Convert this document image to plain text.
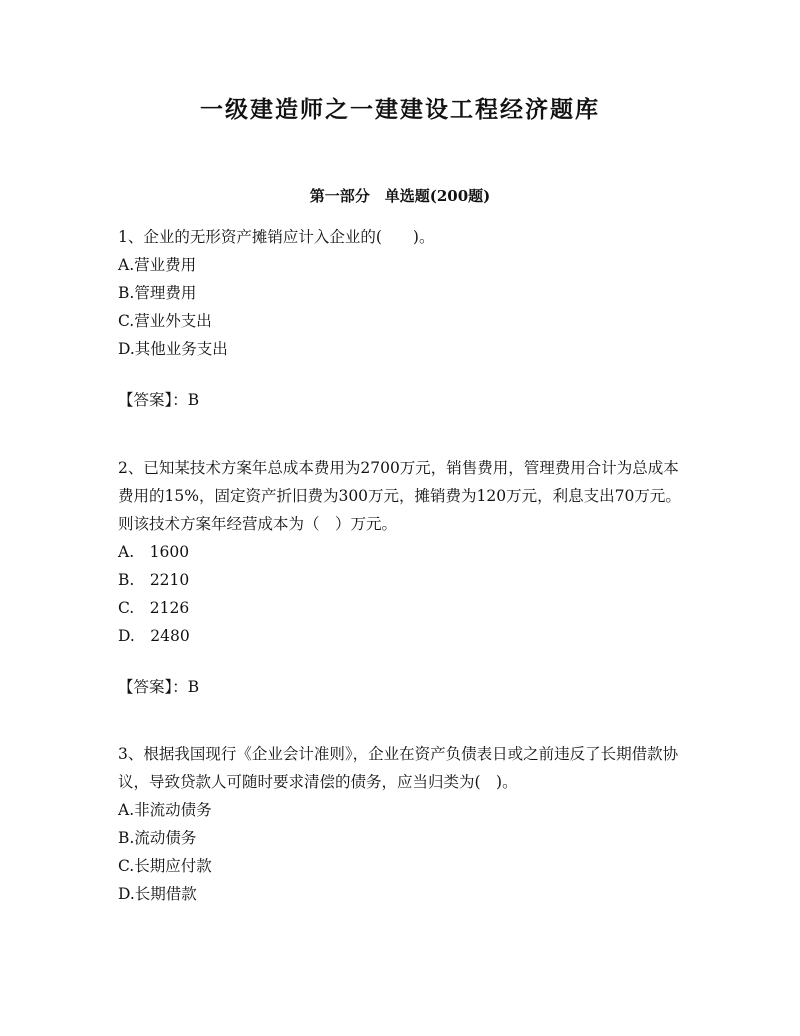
一级建造师之一建建设工程经济题库
第一部分　单选题(200题)
1、企业的无形资产摊销应计入企业的(　　)。
A.营业费用
B.管理费用
C.营业外支出
D.其他业务支出
【答案】：B
2、已知某技术方案年总成本费用为2700万元，销售费用，管理费用合计为总成本费用的15%，固定资产折旧费为300万元，摊销费为120万元，利息支出70万元。则该技术方案年经营成本为（　）万元。
A.　1600
B.　2210
C.　2126
D.　2480
【答案】：B
3、根据我国现行《企业会计准则》，企业在资产负债表日或之前违反了长期借款协议，导致贷款人可随时要求清偿的债务，应当归类为(　)。
A.非流动债务
B.流动债务
C.长期应付款
D.长期借款
